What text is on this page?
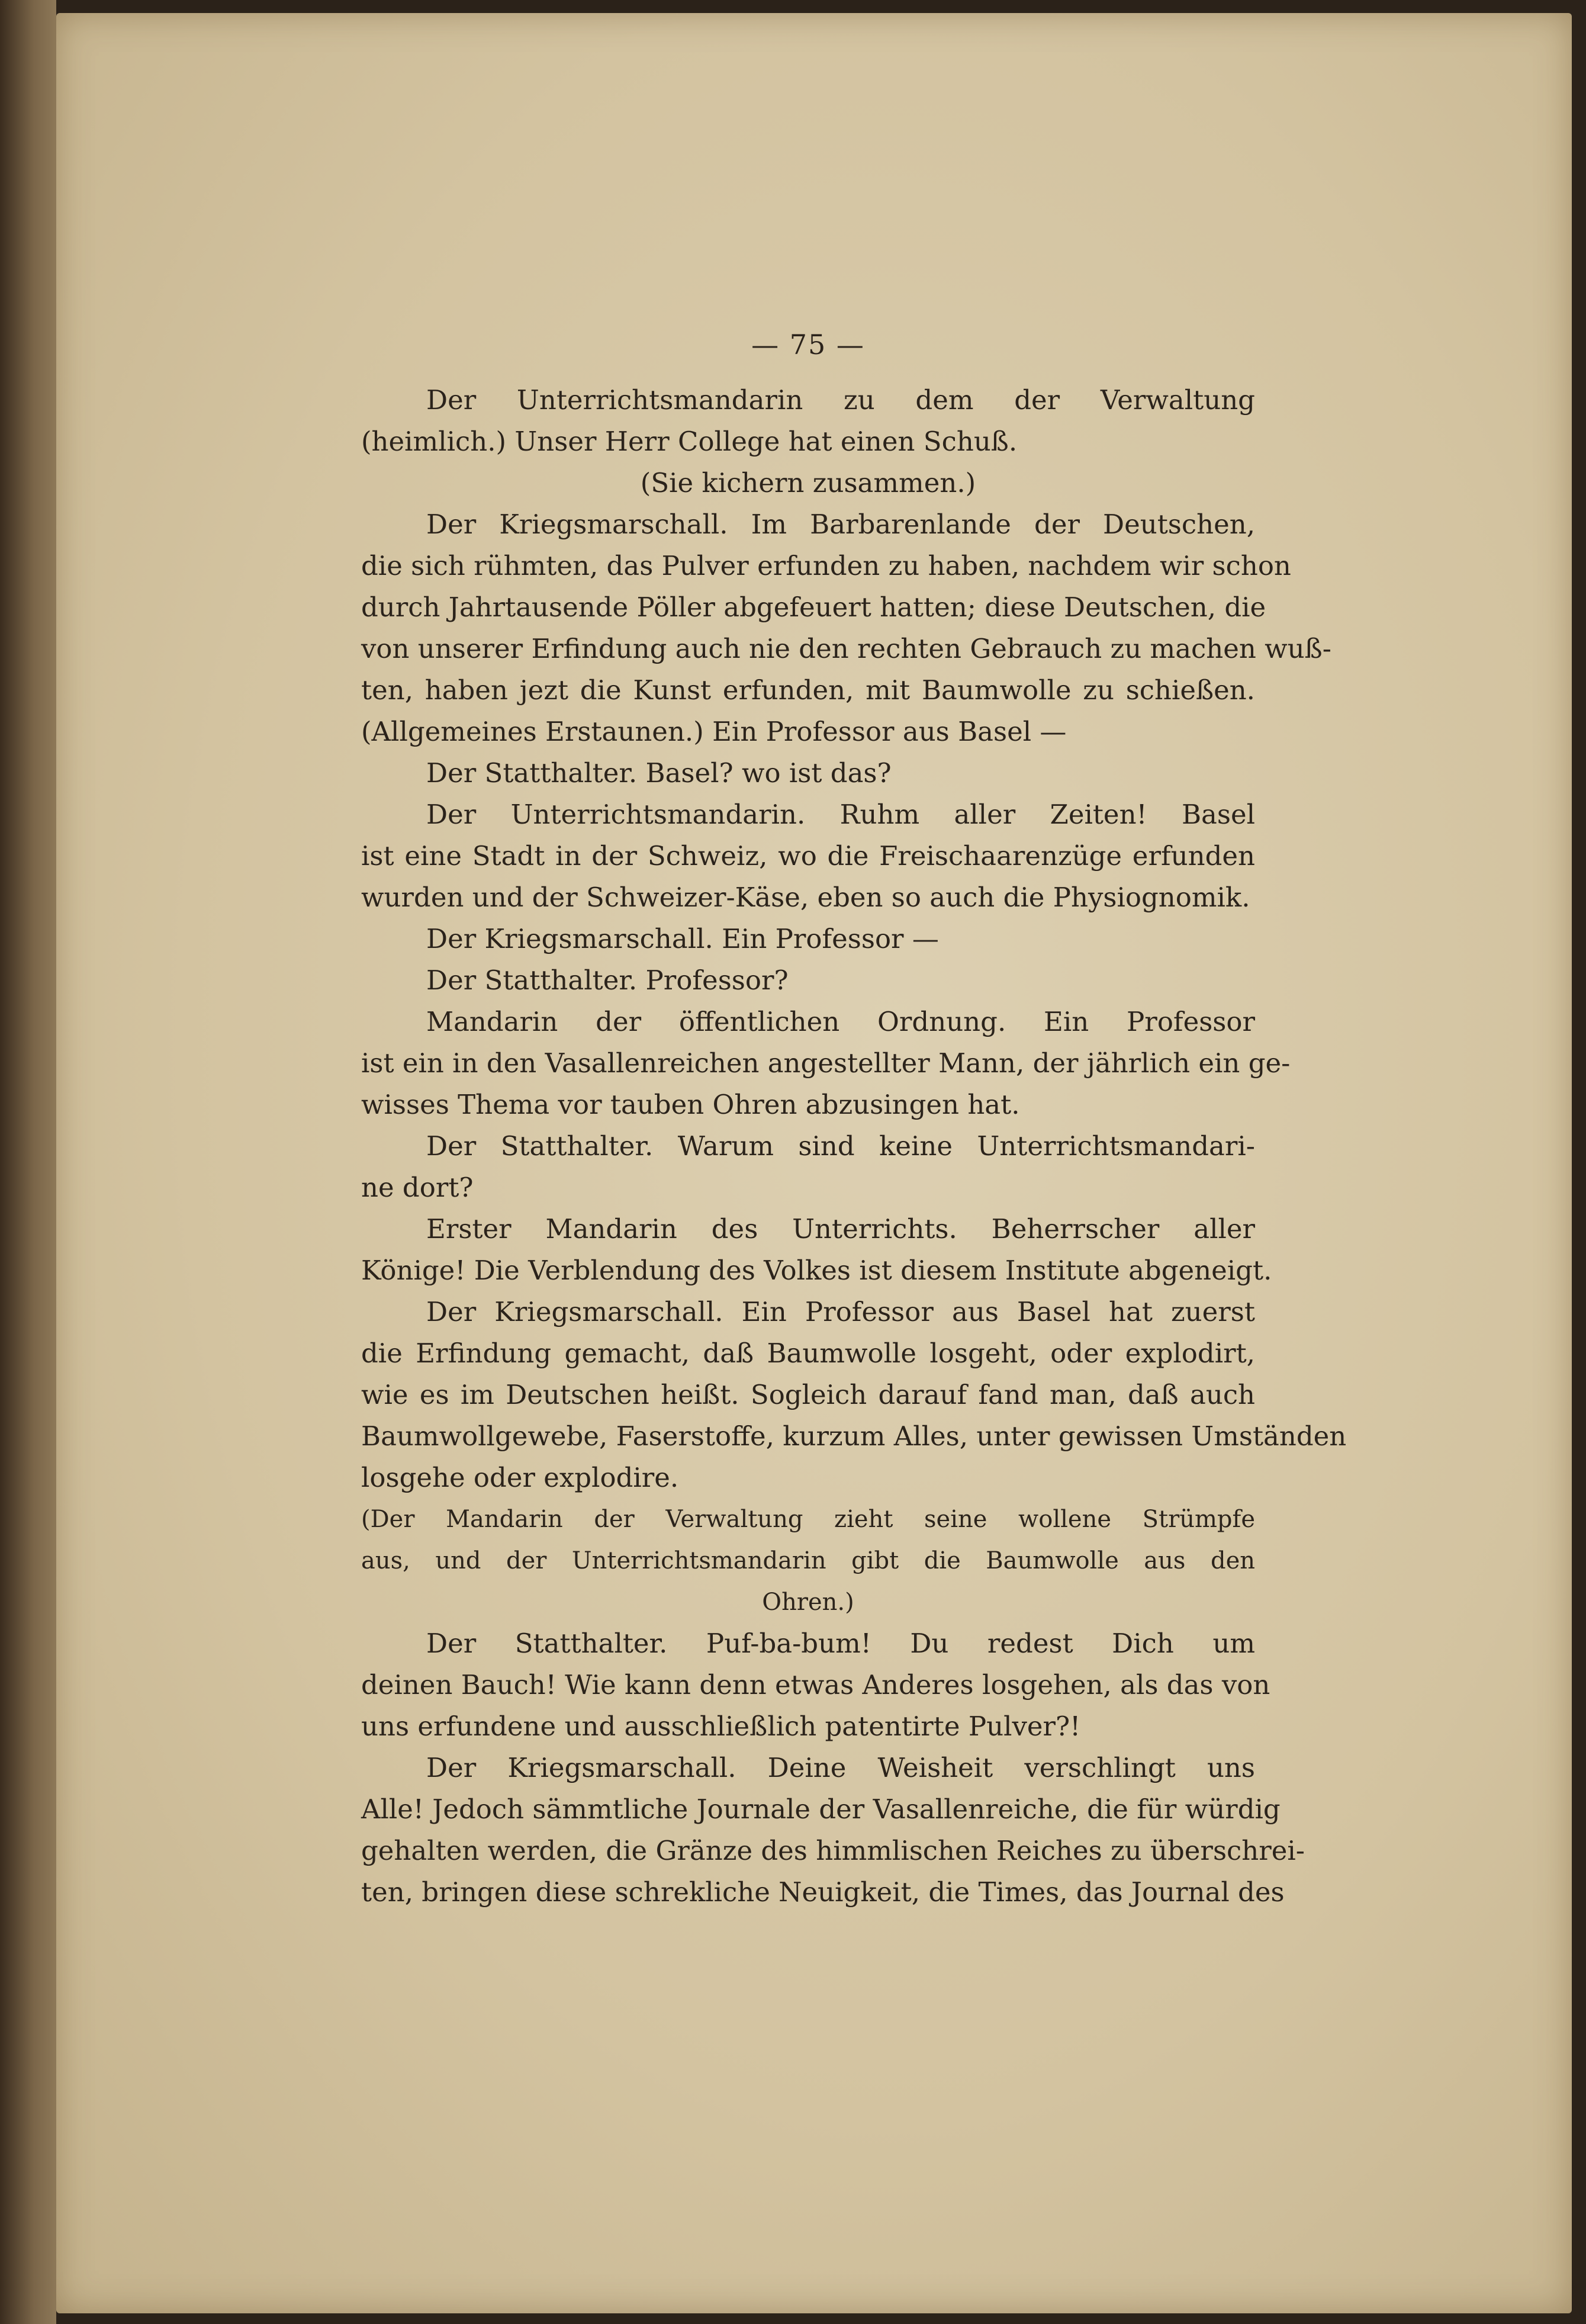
— 75 —
Der Unterrichtsmandarin zu dem der Verwaltung
(heimlich.) Unser Herr College hat einen Schuß.
(Sie kichern zusammen.)
Der Kriegsmarschall. Im Barbarenlande der Deutschen,
die sich rühmten, das Pulver erfunden zu haben, nachdem wir schon
durch Jahrtausende Pöller abgefeuert hatten; diese Deutschen, die
von unserer Erfindung auch nie den rechten Gebrauch zu machen wuß-
ten, haben jezt die Kunst erfunden, mit Baumwolle zu schießen.
(Allgemeines Erstaunen.) Ein Professor aus Basel —
Der Statthalter. Basel? wo ist das?
Der Unterrichtsmandarin. Ruhm aller Zeiten! Basel
ist eine Stadt in der Schweiz, wo die Freischaarenzüge erfunden
wurden und der Schweizer-Käse, eben so auch die Physiognomik.
Der Kriegsmarschall. Ein Professor —
Der Statthalter. Professor?
Mandarin der öffentlichen Ordnung. Ein Professor
ist ein in den Vasallenreichen angestellter Mann, der jährlich ein ge-
wisses Thema vor tauben Ohren abzusingen hat.
Der Statthalter. Warum sind keine Unterrichtsmandari-
ne dort?
Erster Mandarin des Unterrichts. Beherrscher aller
Könige! Die Verblendung des Volkes ist diesem Institute abgeneigt.
Der Kriegsmarschall. Ein Professor aus Basel hat zuerst
die Erfindung gemacht, daß Baumwolle losgeht, oder explodirt,
wie es im Deutschen heißt. Sogleich darauf fand man, daß auch
Baumwollgewebe, Faserstoffe, kurzum Alles, unter gewissen Umständen
losgehe oder explodire.
(Der Mandarin der Verwaltung zieht seine wollene Strümpfe
aus, und der Unterrichtsmandarin gibt die Baumwolle aus den
Ohren.)
Der Statthalter. Puf-ba-bum! Du redest Dich um
deinen Bauch! Wie kann denn etwas Anderes losgehen, als das von
uns erfundene und ausschließlich patentirte Pulver?!
Der Kriegsmarschall. Deine Weisheit verschlingt uns
Alle! Jedoch sämmtliche Journale der Vasallenreiche, die für würdig
gehalten werden, die Gränze des himmlischen Reiches zu überschrei-
ten, bringen diese schrekliche Neuigkeit, die Times, das Journal des
